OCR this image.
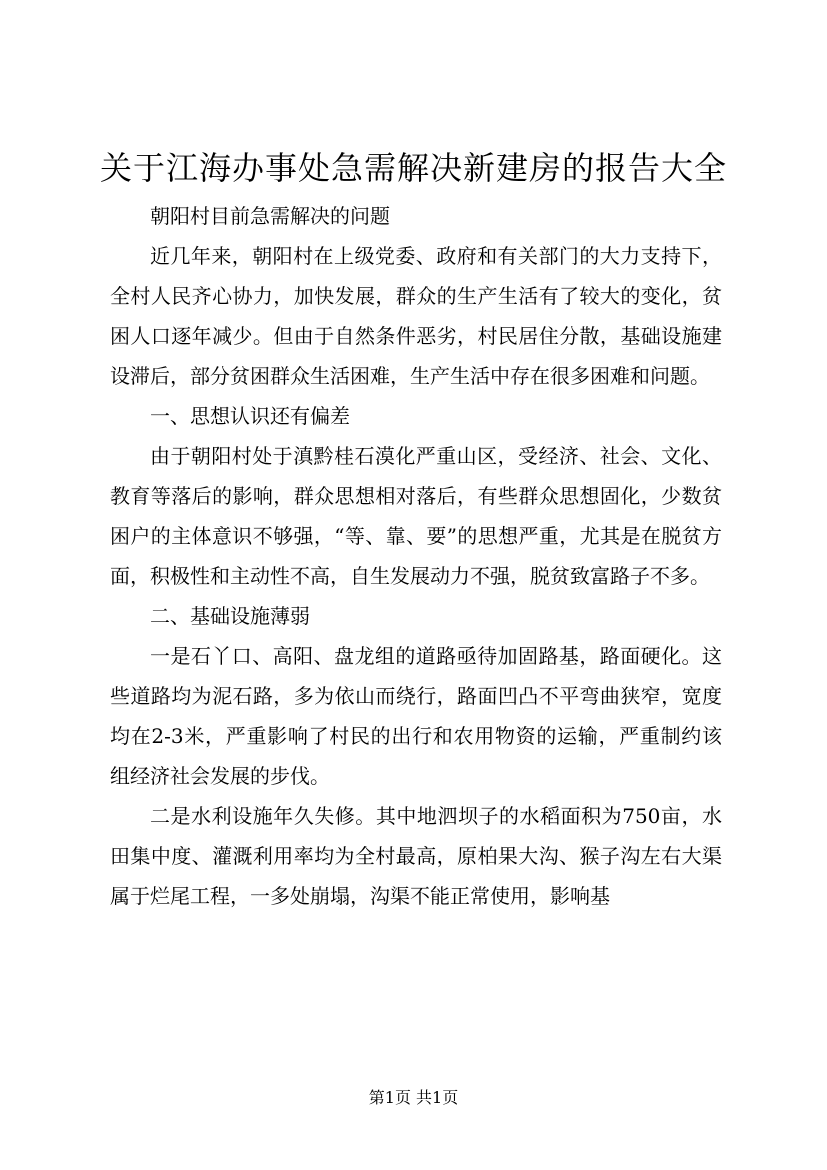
关于江海办事处急需解决新建房的报告大全

朝阳村目前急需解决的问题

近几年来，朝阳村在上级党委、政府和有关部门的大力支持下，全村人民齐心协力，加快发展，群众的生产生活有了较大的变化，贫困人口逐年减少。但由于自然条件恶劣，村民居住分散，基础设施建设滞后，部分贫困群众生活困难，生产生活中存在很多困难和问题。

一、思想认识还有偏差

由于朝阳村处于滇黔桂石漠化严重山区，受经济、社会、文化、教育等落后的影响，群众思想相对落后，有些群众思想固化，少数贫困户的主体意识不够强，“等、靠、要”的思想严重，尤其是在脱贫方面，积极性和主动性不高，自生发展动力不强，脱贫致富路子不多。

二、基础设施薄弱

一是石丫口、高阳、盘龙组的道路亟待加固路基，路面硬化。这些道路均为泥石路，多为依山而绕行，路面凹凸不平弯曲狭窄，宽度均在2-3米，严重影响了村民的出行和农用物资的运输，严重制约该组经济社会发展的步伐。

二是水利设施年久失修。其中地泗坝子的水稻面积为750亩，水田集中度、灌溉利用率均为全村最高，原柏果大沟、猴子沟左右大渠属于烂尾工程，一多处崩塌，沟渠不能正常使用，影响基

第1页 共1页
